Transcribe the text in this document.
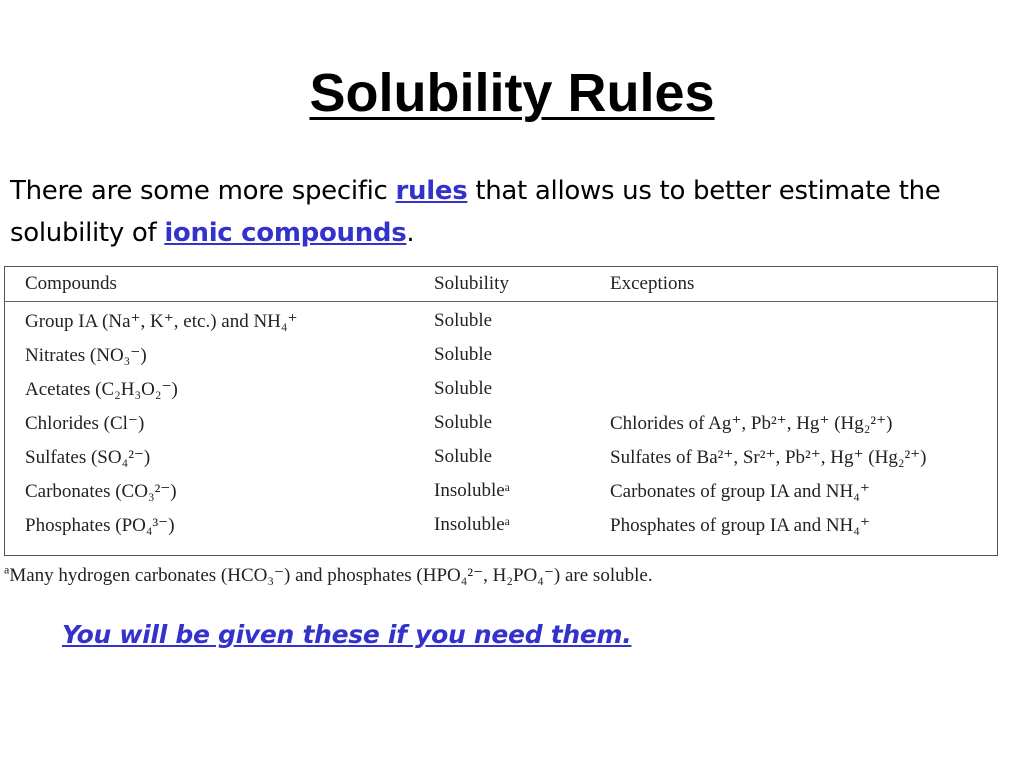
Solubility Rules
There are some more specific rules that allows us to better estimate the solubility of ionic compounds.
Compounds	Solubility	Exceptions
Group IA (Na⁺, K⁺, etc.) and NH₄⁺	Soluble
Nitrates (NO₃⁻)	Soluble
Acetates (C₂H₃O₂⁻)	Soluble
Chlorides (Cl⁻)	Soluble	Chlorides of Ag⁺, Pb²⁺, Hg⁺ (Hg₂²⁺)
Sulfates (SO₄²⁻)	Soluble	Sulfates of Ba²⁺, Sr²⁺, Pb²⁺, Hg⁺ (Hg₂²⁺)
Carbonates (CO₃²⁻)	Insolubleᵃ	Carbonates of group IA and NH₄⁺
Phosphates (PO₄³⁻)	Insolubleᵃ	Phosphates of group IA and NH₄⁺
$^a$Many hydrogen carbonates (HCO₃⁻) and phosphates (HPO₄²⁻, H₂PO₄⁻) are soluble.
You will be given these if you need them.
